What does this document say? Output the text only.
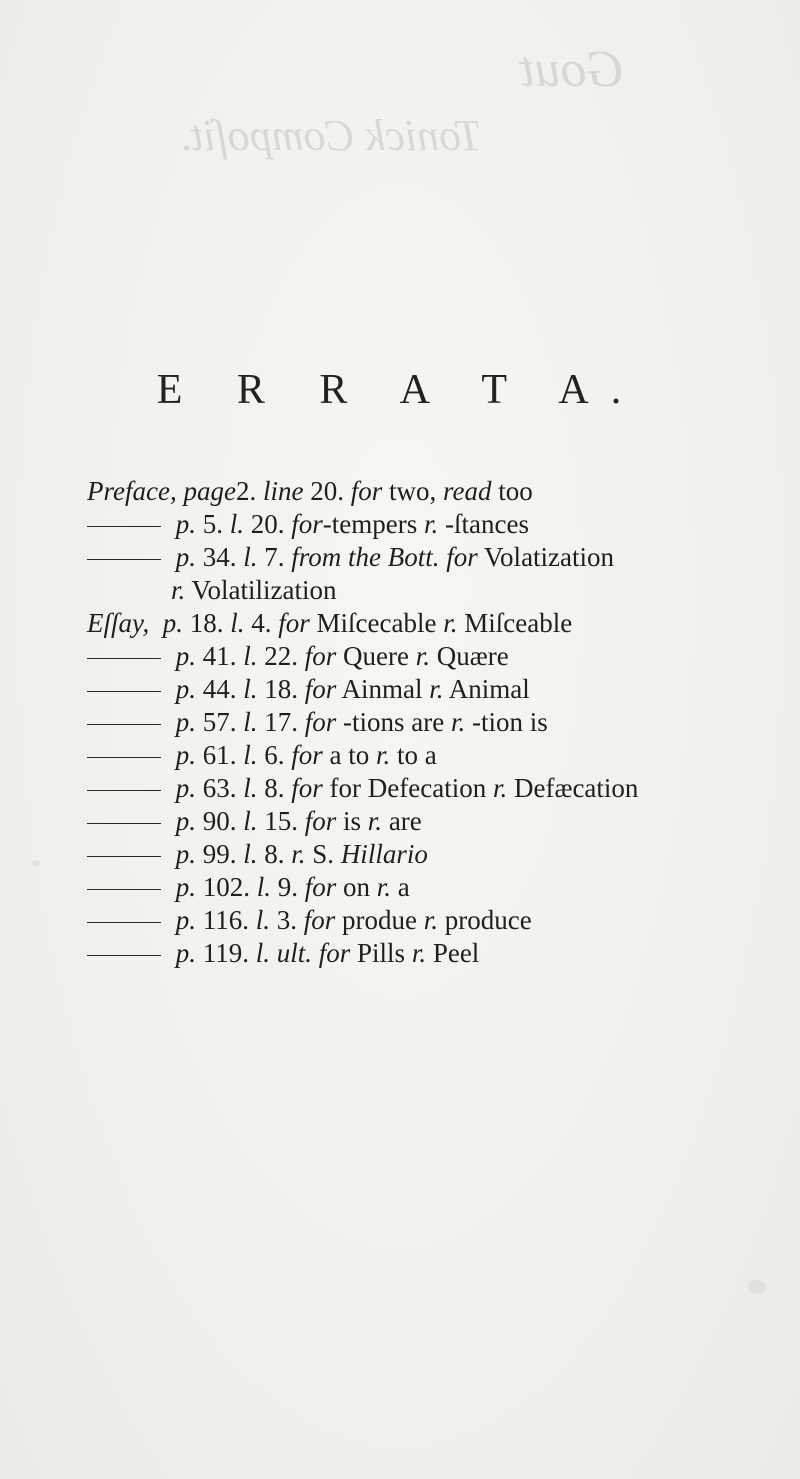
Gout
Tonick Compoſit.
E R R A T A.
Preface, page2. line 20. for two, read too
p. 5. l. 20. for-tempers r. -ſtances
p. 34. l. 7. from the Bott. for Volatization
r. Volatilization
Eſſay, p. 18. l. 4. for Miſcecable r. Miſceable
p. 41. l. 22. for Quere r. Quære
p. 44. l. 18. for Ainmal r. Animal
p. 57. l. 17. for -tions are r. -tion is
p. 61. l. 6. for a to r. to a
p. 63. l. 8. for for Defecation r. Defæcation
p. 90. l. 15. for is r. are
p. 99. l. 8. r. S. Hillario
p. 102. l. 9. for on r. a
p. 116. l. 3. for produe r. produce
p. 119. l. ult. for Pills r. Peel
